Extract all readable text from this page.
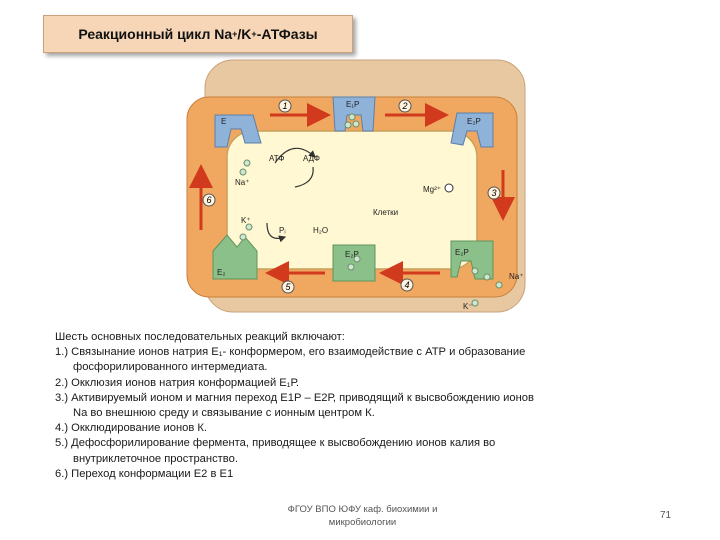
Реакционный цикл Na + /K + -АТФазы
1	2
3
4
5
6
E₁P
E	E₂P
E₂P	E₂P
E₂
АТФ АДФ
Na⁺
Mg²⁺
K⁺
Pᵢ	H₂O
Клетки
Na⁺
K⁻

Шесть основных последовательных реакций включают:

1.) Связынание ионов натрия Е₁- конформером, его взаимодействие с АТР и образование

фосфорилированного интермедиата.

2.) Окклюзия ионов натрия конформацией Е₁Р.

3.) Активируемый ионом и магния переход Е1Р – Е2Р, приводящий к высвобождению ионов

Na во внешнюю среду и связывание с ионным центром К.

4.) Окклюдирование ионов К.

5.) Дефосфорилирование фермента, приводящее к высвобождению ионов калия во

внутриклеточное пространство.

6.) Переход конформации Е2 в Е1

ФГОУ ВПО ЮФУ каф. биохимии и
микробиологии
71
